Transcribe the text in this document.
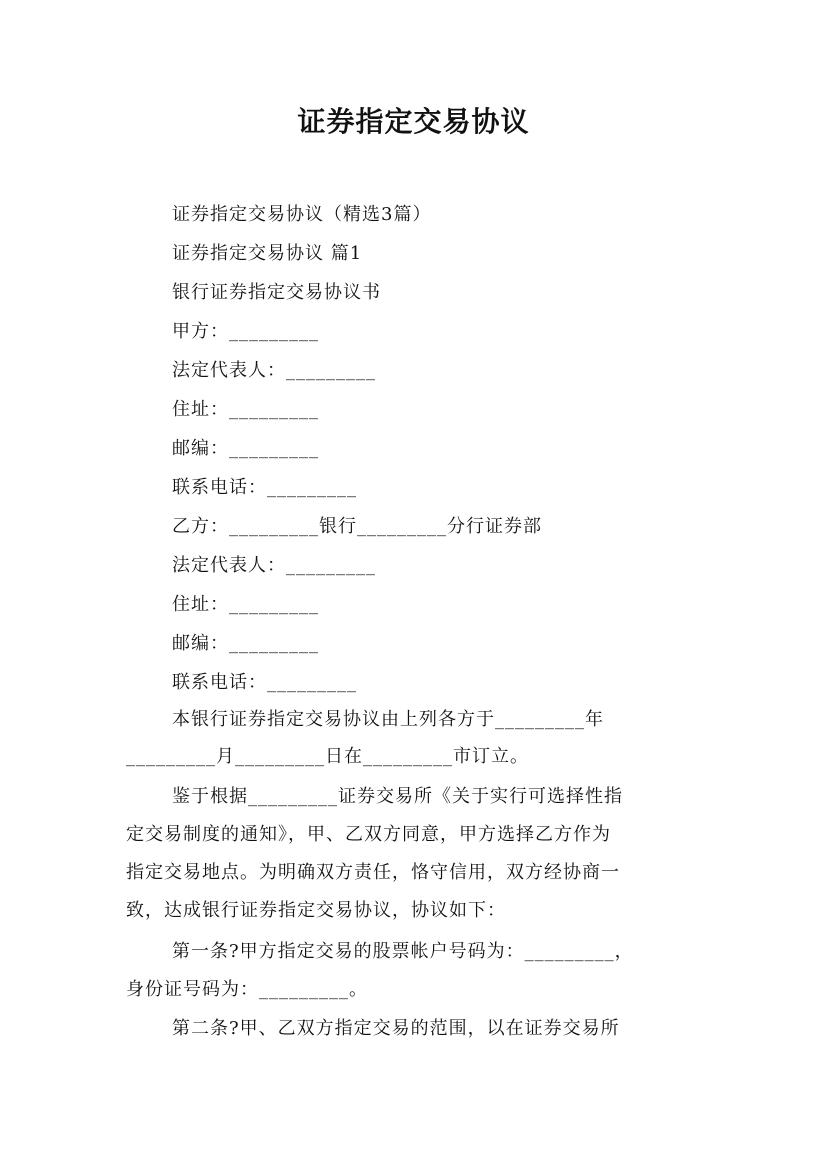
证券指定交易协议
证券指定交易协议（精选3篇）
证券指定交易协议 篇1
银行证券指定交易协议书
甲方：_________
法定代表人：_________
住址：_________
邮编：_________
联系电话：_________
乙方：_________银行_________分行证券部
法定代表人：_________
住址：_________
邮编：_________
联系电话：_________
本银行证券指定交易协议由上列各方于_________年
_________月_________日在_________市订立。
鉴于根据_________证券交易所《关于实行可选择性指
定交易制度的通知》，甲、乙双方同意，甲方选择乙方作为
指定交易地点。为明确双方责任，恪守信用，双方经协商一
致，达成银行证券指定交易协议，协议如下：
第一条?甲方指定交易的股票帐户号码为：_________，
身份证号码为：_________。
第二条?甲、乙双方指定交易的范围，以在证券交易所
